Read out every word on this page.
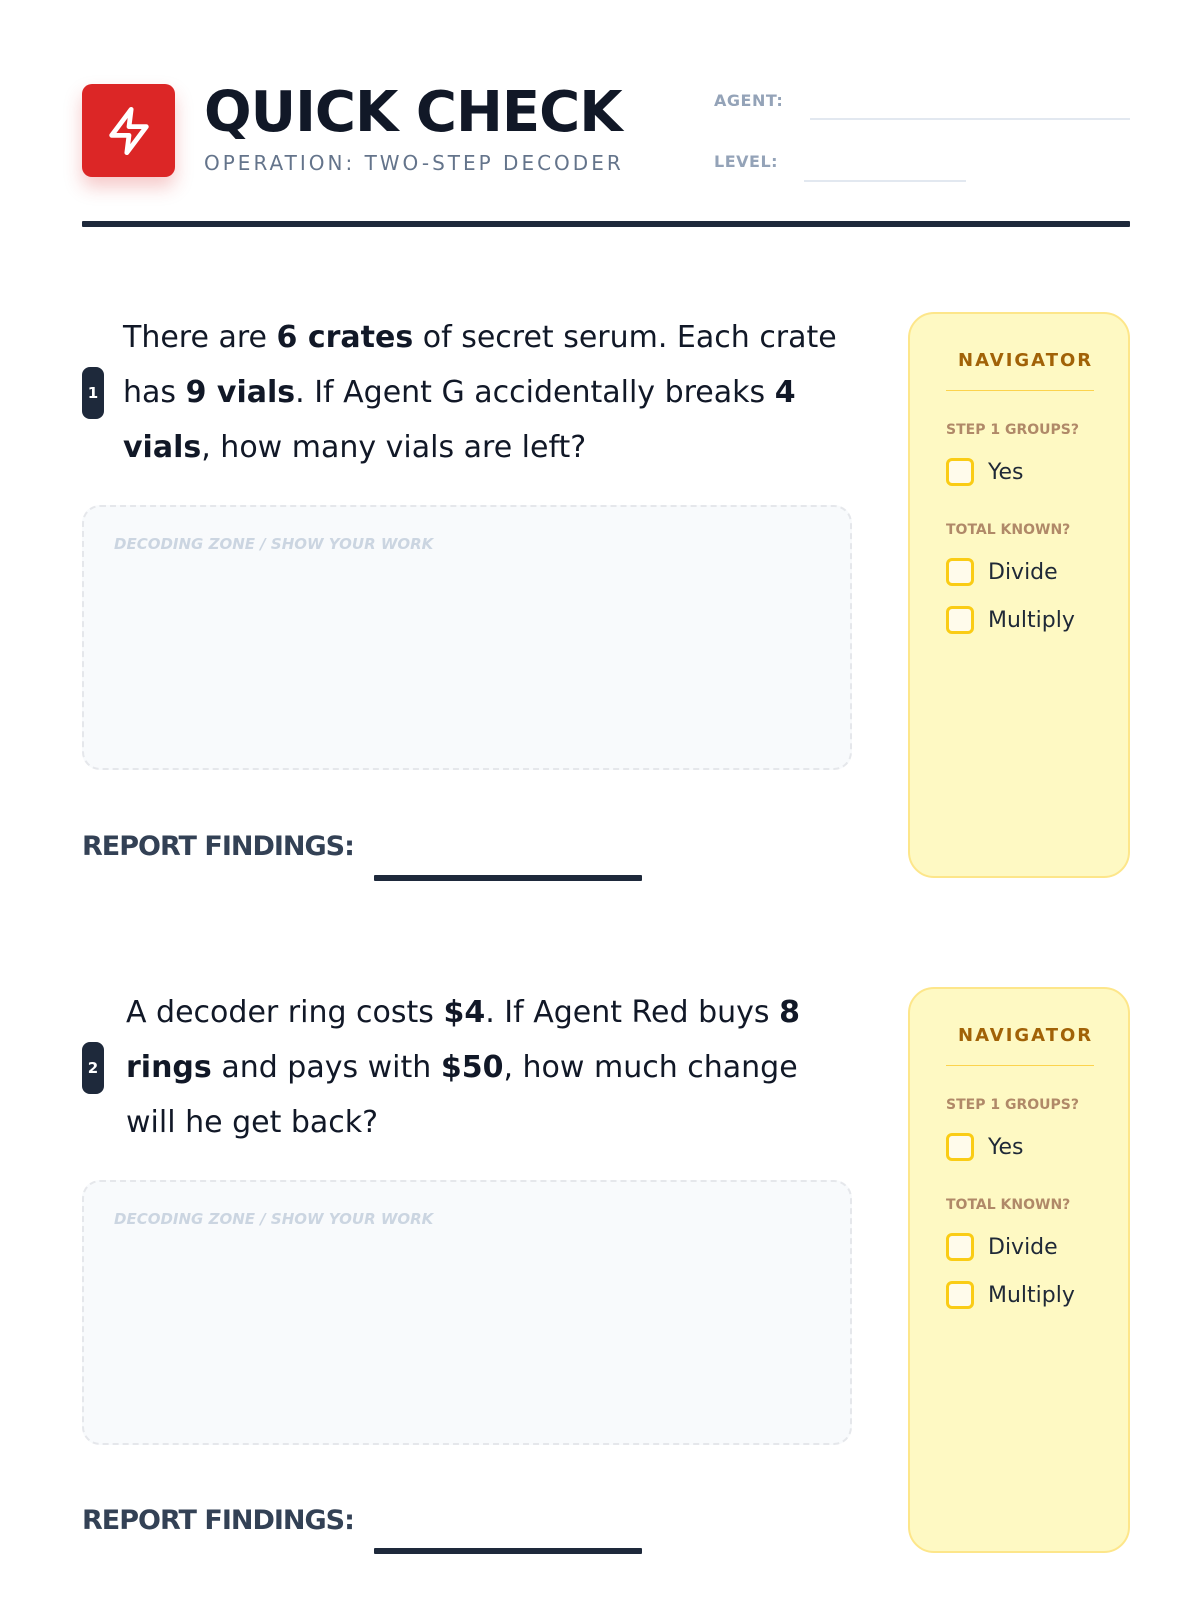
QUICK CHECK
OPERATION: TWO-STEP DECODER
AGENT:
LEVEL:
1

There are 6 crates of secret serum. Each crate has 9 vials. If Agent G accidentally breaks 4 vials, how many vials are left?

DECODING ZONE / SHOW YOUR WORK
REPORT FINDINGS:
NAVIGATOR
STEP 1 GROUPS?
Yes
TOTAL KNOWN?
Divide
Multiply
2

A decoder ring costs $4. If Agent Red buys 8 rings and pays with $50, how much change will he get back?

DECODING ZONE / SHOW YOUR WORK
REPORT FINDINGS:
NAVIGATOR
STEP 1 GROUPS?
Yes
TOTAL KNOWN?
Divide
Multiply
